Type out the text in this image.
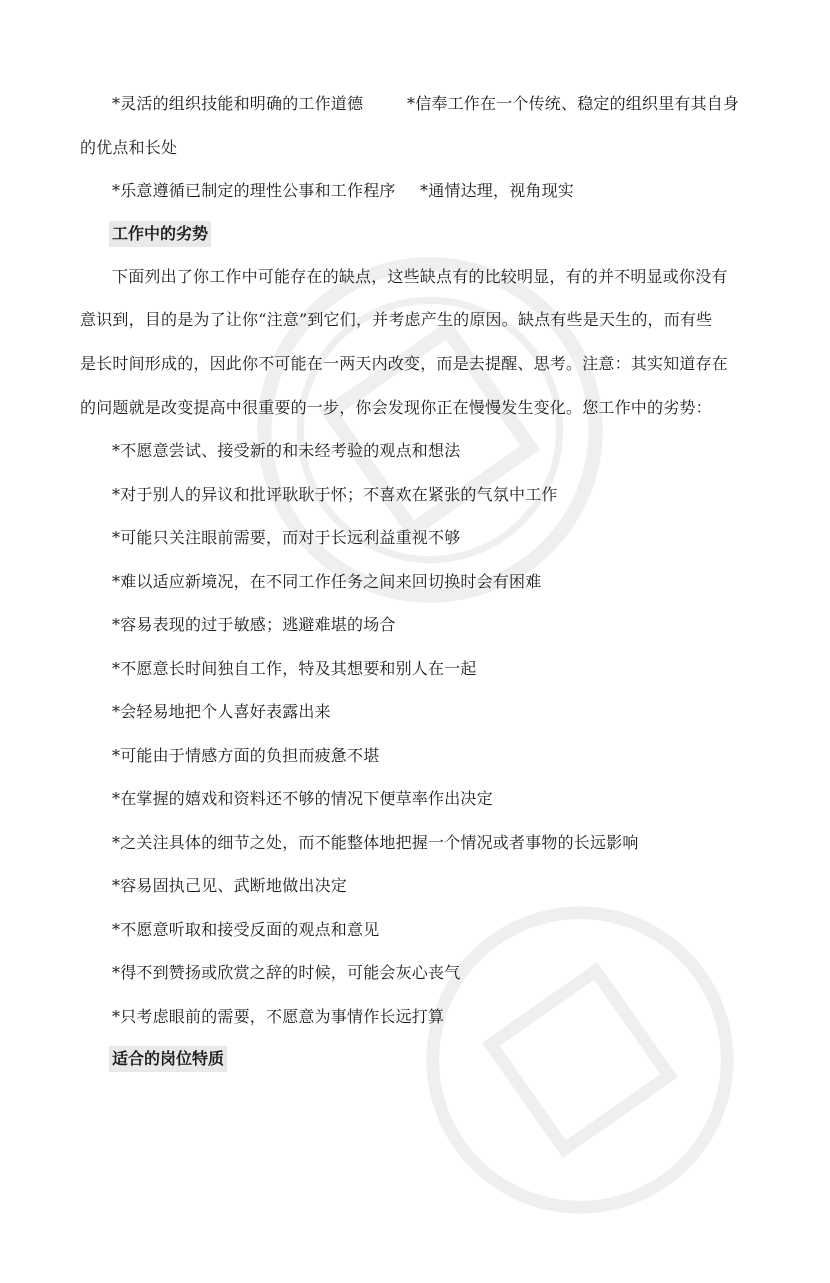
*灵活的组织技能和明确的工作道德	*信奉工作在一个传统、稳定的组织里有其自身
的优点和长处
*乐意遵循已制定的理性公事和工作程序 *通情达理，视角现实
工作中的劣势
下面列出了你工作中可能存在的缺点，这些缺点有的比较明显，有的并不明显或你没有
意识到，目的是为了让你“注意”到它们，并考虑产生的原因。缺点有些是天生的，而有些
是长时间形成的，因此你不可能在一两天内改变，而是去提醒、思考。注意：其实知道存在
的问题就是改变提高中很重要的一步，你会发现你正在慢慢发生变化。您工作中的劣势：
*不愿意尝试、接受新的和未经考验的观点和想法
*对于别人的异议和批评耿耿于怀；不喜欢在紧张的气氛中工作
*可能只关注眼前需要，而对于长远利益重视不够
*难以适应新境况，在不同工作任务之间来回切换时会有困难
*容易表现的过于敏感；逃避难堪的场合
*不愿意长时间独自工作，特及其想要和别人在一起
*会轻易地把个人喜好表露出来
*可能由于情感方面的负担而疲惫不堪
*在掌握的嬉戏和资料还不够的情况下便草率作出决定
*之关注具体的细节之处，而不能整体地把握一个情况或者事物的长远影响
*容易固执己见、武断地做出决定
*不愿意听取和接受反面的观点和意见
*得不到赞扬或欣赏之辞的时候，可能会灰心丧气
*只考虑眼前的需要，不愿意为事情作长远打算
适合的岗位特质
